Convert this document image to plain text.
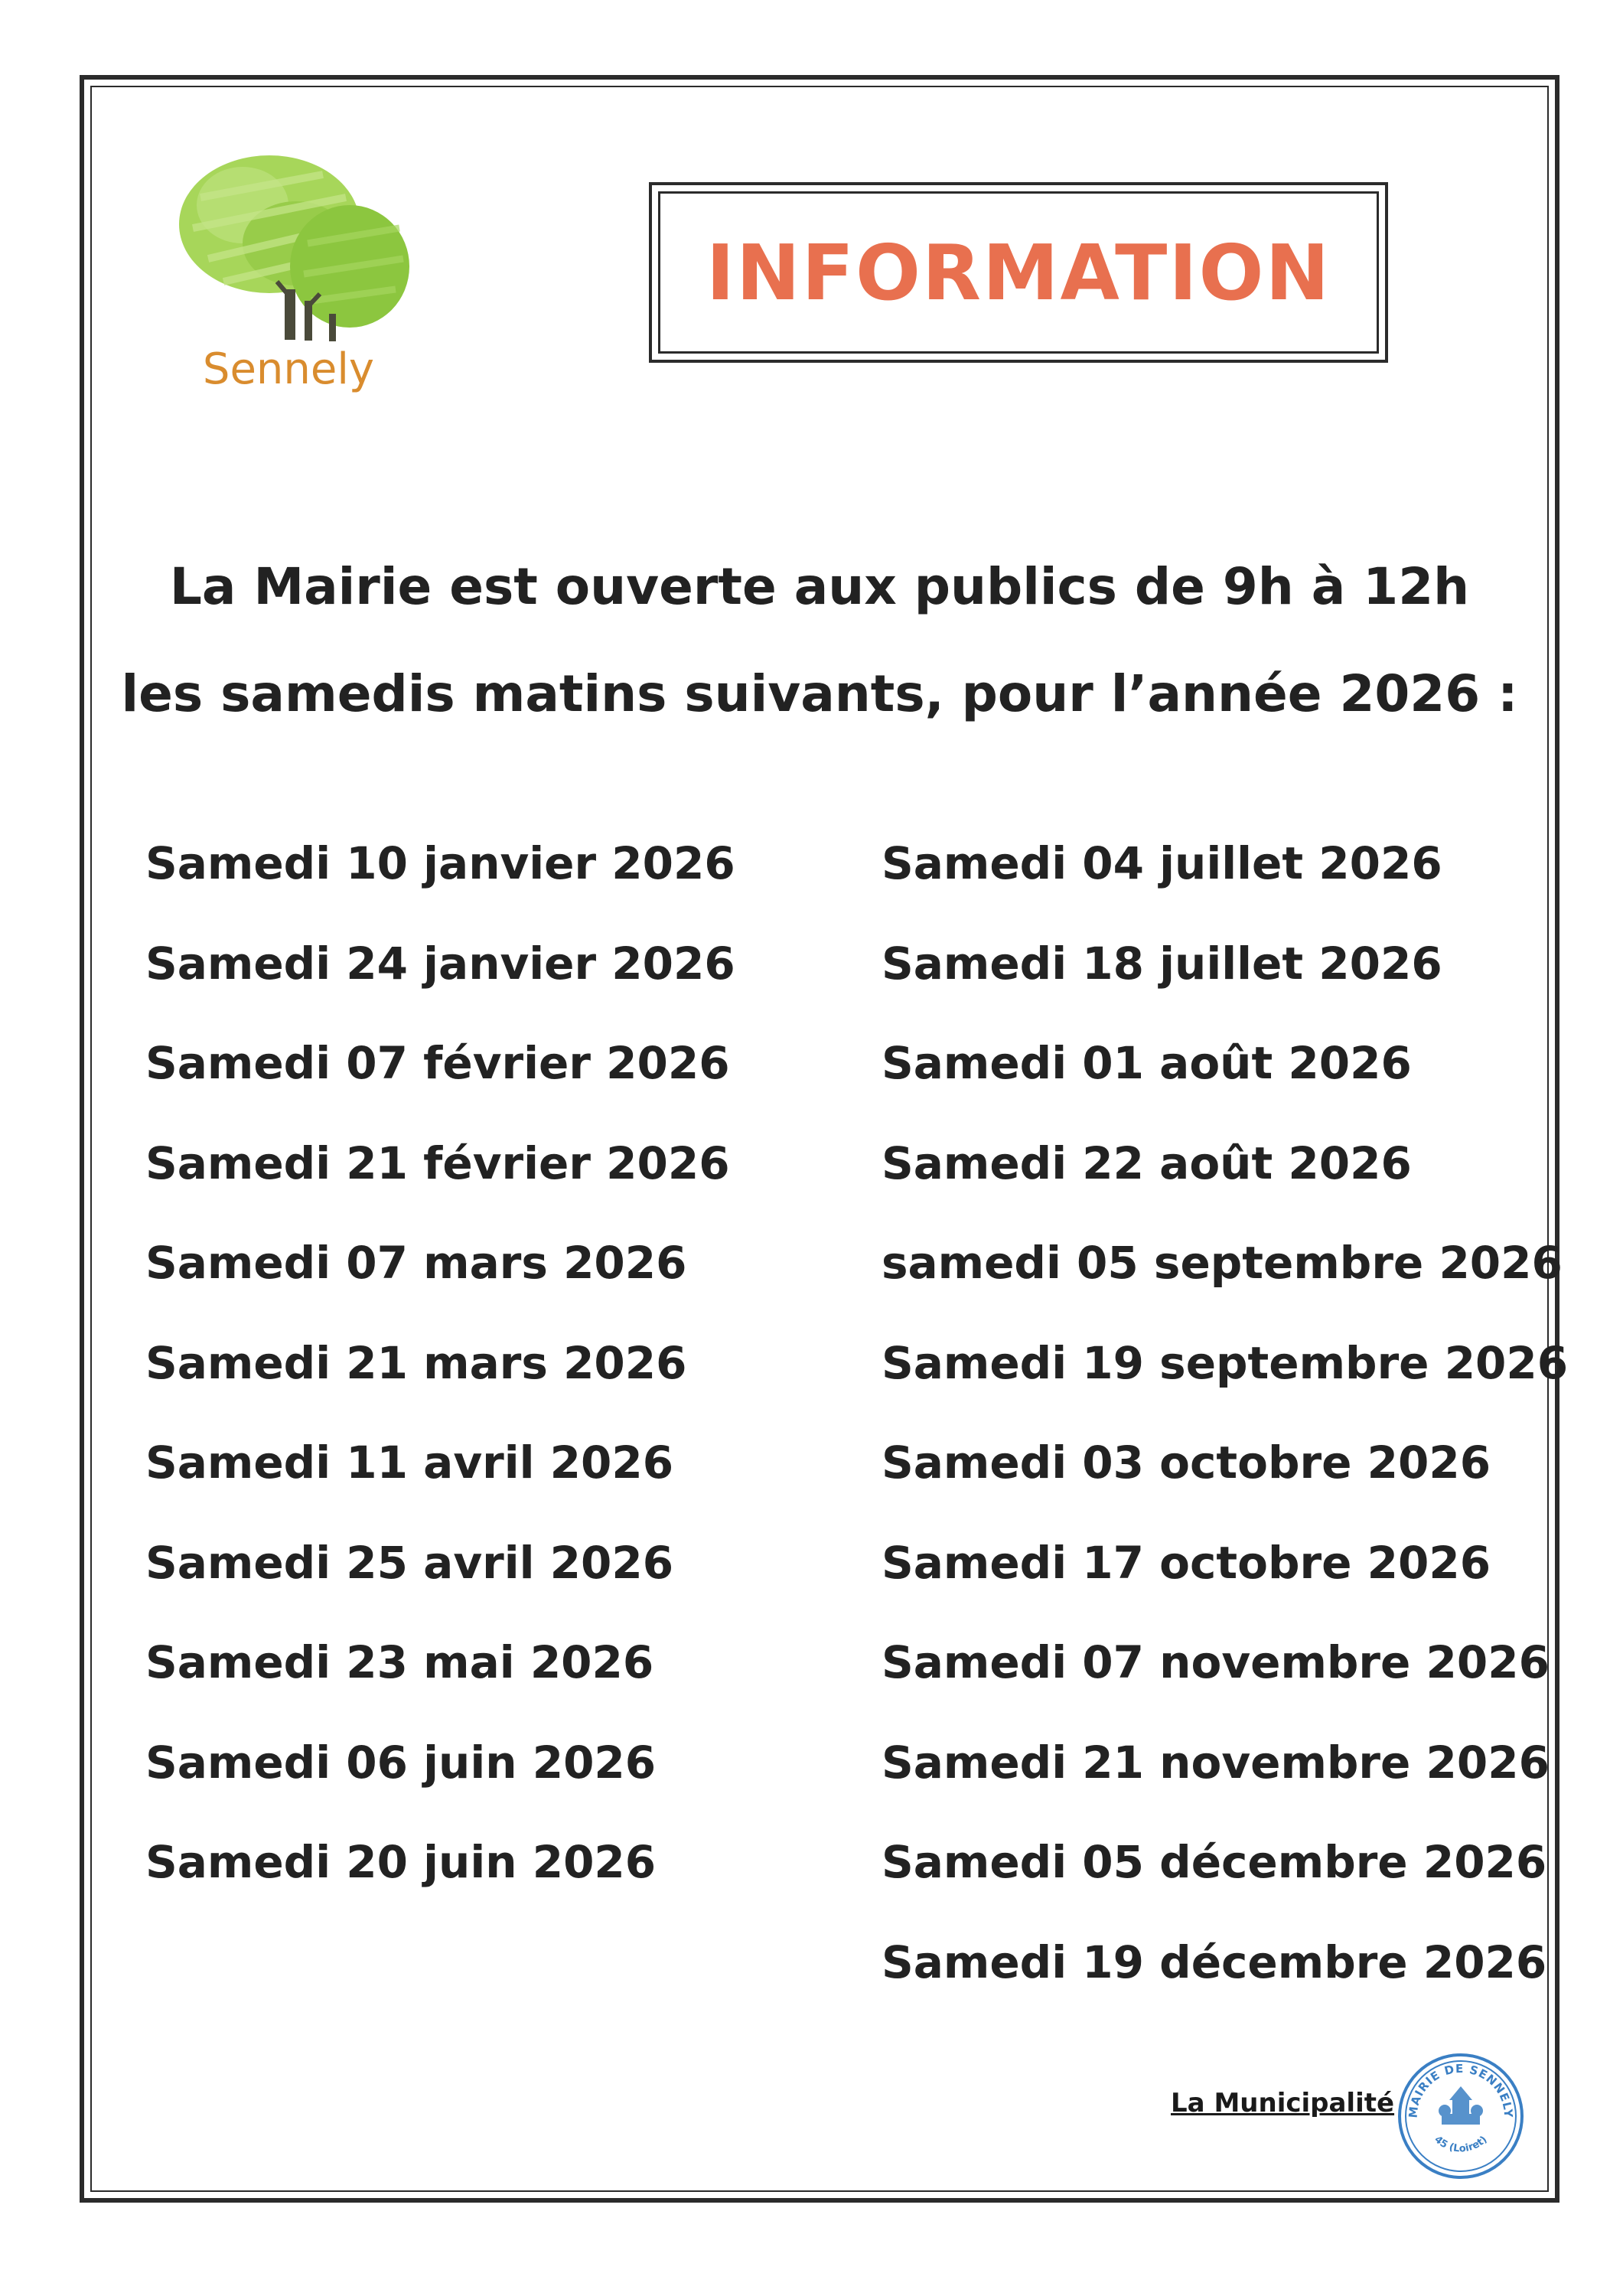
Sennely
INFORMATION
La Mairie est ouverte aux publics de 9h à 12h
les samedis matins suivants, pour l’année 2026 :
Samedi 10 janvier 2026
Samedi 24 janvier 2026
Samedi 07 février 2026
Samedi 21 février 2026
Samedi 07 mars 2026
Samedi 21 mars 2026
Samedi 11 avril 2026
Samedi 25 avril 2026
Samedi 23 mai 2026
Samedi 06 juin 2026
Samedi 20 juin 2026
Samedi 04 juillet 2026
Samedi 18 juillet 2026
Samedi 01 août 2026
Samedi 22 août 2026
samedi 05 septembre 2026
Samedi 19 septembre 2026
Samedi 03 octobre 2026
Samedi 17 octobre 2026
Samedi 07 novembre 2026
Samedi 21 novembre 2026
Samedi 05 décembre 2026
Samedi 19 décembre 2026
La Municipalité MAIRIE DE SENNELY
45 (Loiret)
